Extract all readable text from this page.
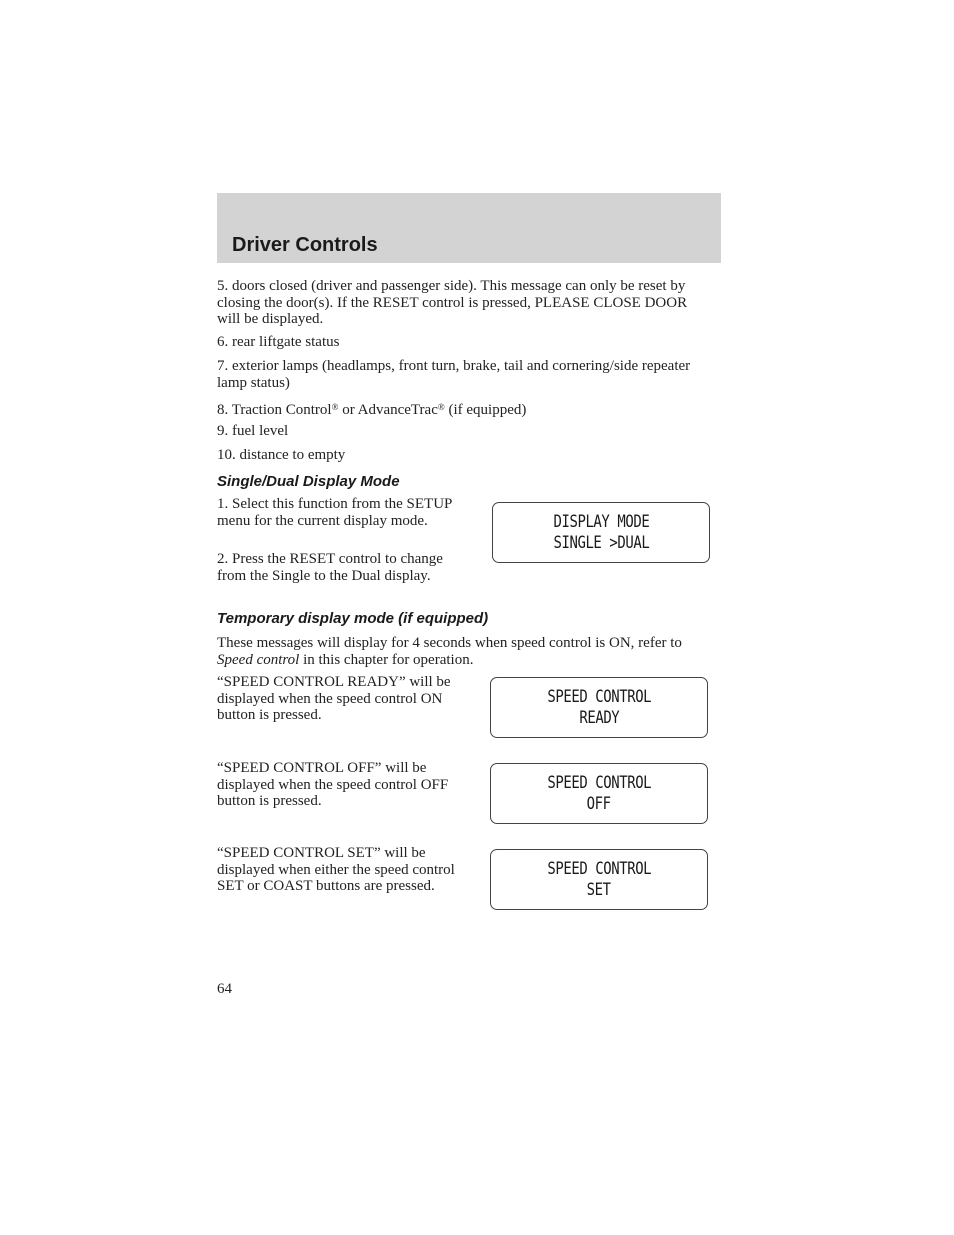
Driver Controls

5. doors closed (driver and passenger side). This message can only be reset by closing the door(s). If the RESET control is pressed, PLEASE CLOSE DOOR will be displayed.

6. rear liftgate status

7. exterior lamps (headlamps, front turn, brake, tail and cornering/side repeater lamp status)

8. Traction Control® or AdvanceTrac® (if equipped)

9. fuel level

10. distance to empty

Single/Dual Display Mode

1. Select this function from the SETUP menu for the current display mode.

2. Press the RESET control to change from the Single to the Dual display.

DISPLAY MODE
SINGLE >DUAL
Temporary display mode (if equipped)

These messages will display for 4 seconds when speed control is ON, refer to Speed control in this chapter for operation.

“SPEED CONTROL READY” will be displayed when the speed control ON button is pressed.

SPEED CONTROL
READY

“SPEED CONTROL OFF” will be displayed when the speed control OFF button is pressed.

SPEED CONTROL
OFF

“SPEED CONTROL SET” will be displayed when either the speed control SET or COAST buttons are pressed.

SPEED CONTROL
SET
64
